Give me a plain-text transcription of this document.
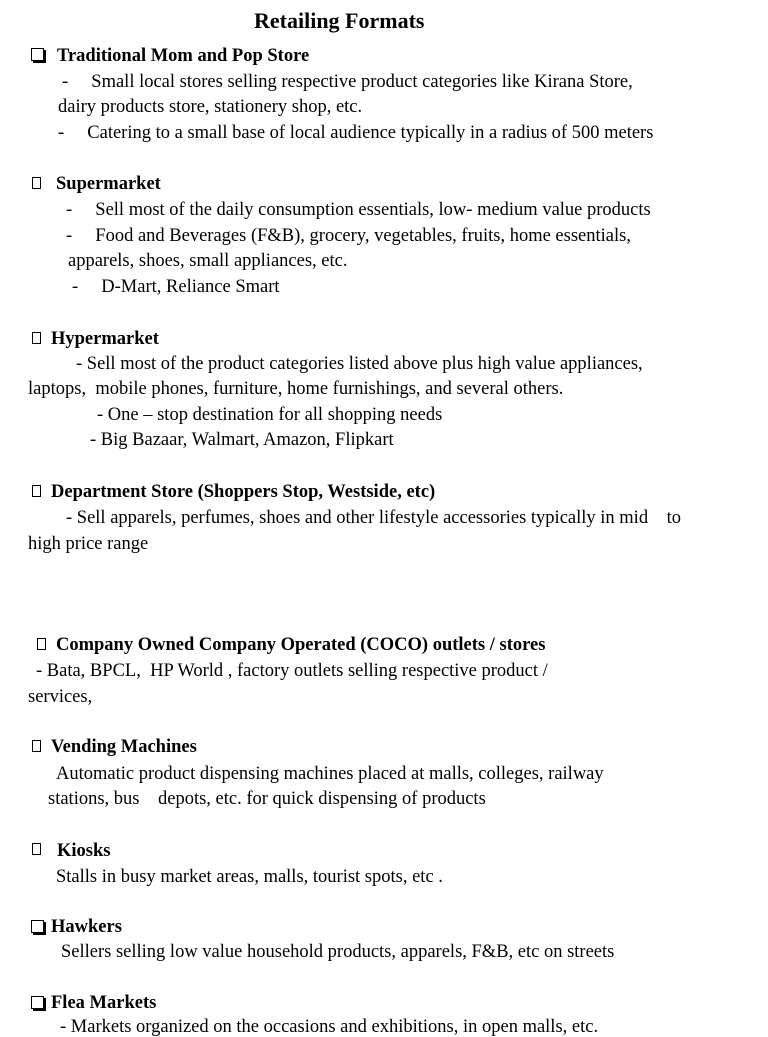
Retailing Formats
Traditional Mom and Pop Store
-     Small local stores selling respective product categories like Kirana Store,
dairy products store, stationery shop, etc.
-     Catering to a small base of local audience typically in a radius of 500 meters
Supermarket
-     Sell most of the daily consumption essentials, low- medium value products
-     Food and Beverages (F&B), grocery, vegetables, fruits, home essentials,
apparels, shoes, small appliances, etc.
-     D-Mart, Reliance Smart
Hypermarket
- Sell most of the product categories listed above plus high value appliances,
laptops,  mobile phones, furniture, home furnishings, and several others.
- One – stop destination for all shopping needs
- Big Bazaar, Walmart, Amazon, Flipkart
Department Store (Shoppers Stop, Westside, etc)
- Sell apparels, perfumes, shoes and other lifestyle accessories typically in mid    to
high price range
Company Owned Company Operated (COCO) outlets / stores
- Bata, BPCL,  HP World , factory outlets selling respective product /
services,
Vending Machines
Automatic product dispensing machines placed at malls, colleges, railway
stations, bus    depots, etc. for quick dispensing of products
Kiosks
Stalls in busy market areas, malls, tourist spots, etc .
Hawkers
Sellers selling low value household products, apparels, F&B, etc on streets
Flea Markets
- Markets organized on the occasions and exhibitions, in open malls, etc.
